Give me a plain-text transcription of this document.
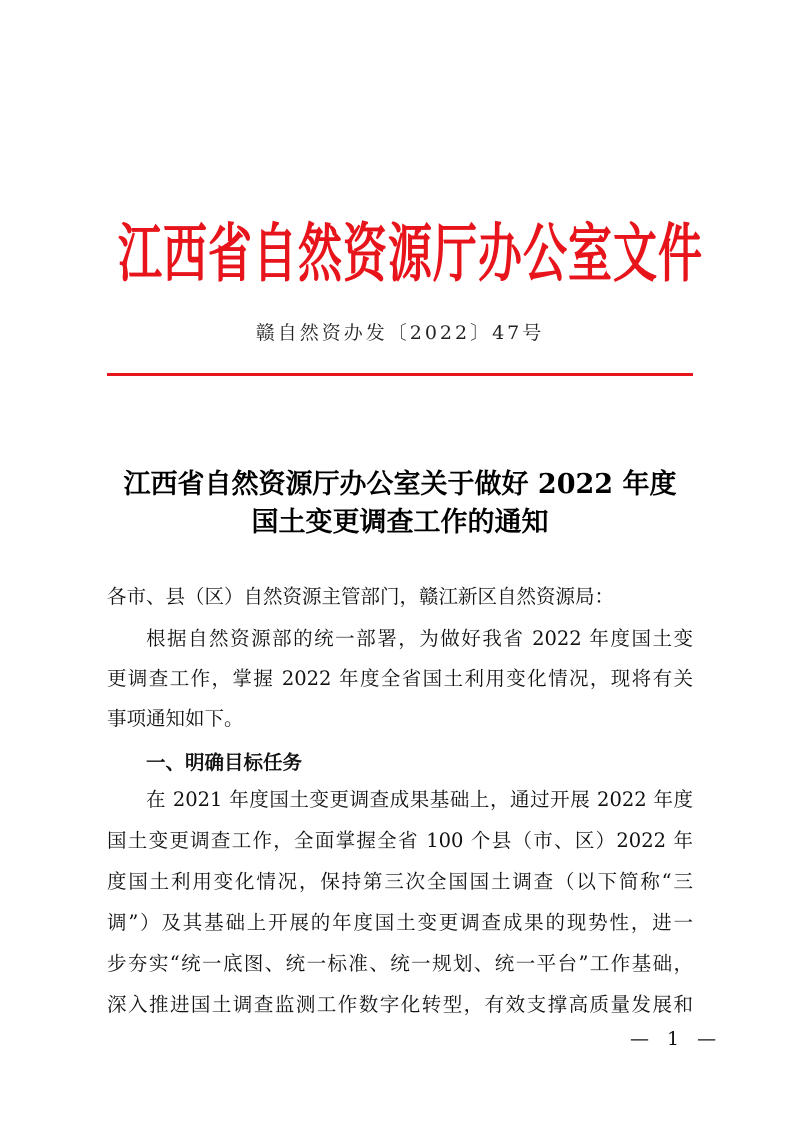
江西省自然资源厅办公室文件
赣自然资办发〔2022〕47号
江西省自然资源厅办公室关于做好 2022 年度
国土变更调查工作的通知
各市、县（区）自然资源主管部门，赣江新区自然资源局：
根据自然资源部的统一部署，为做好我省 2022 年度国土变
更调查工作，掌握 2022 年度全省国土利用变化情况，现将有关
事项通知如下。
一、明确目标任务
在 2021 年度国土变更调查成果基础上，通过开展 2022 年度
国土变更调查工作，全面掌握全省 100 个县（市、区）2022 年
度国土利用变化情况，保持第三次全国国土调查（以下简称“三
调”）及其基础上开展的年度国土变更调查成果的现势性，进一
步夯实“统一底图、统一标准、统一规划、统一平台”工作基础，
深入推进国土调查监测工作数字化转型，有效支撑高质量发展和
— 1 —
